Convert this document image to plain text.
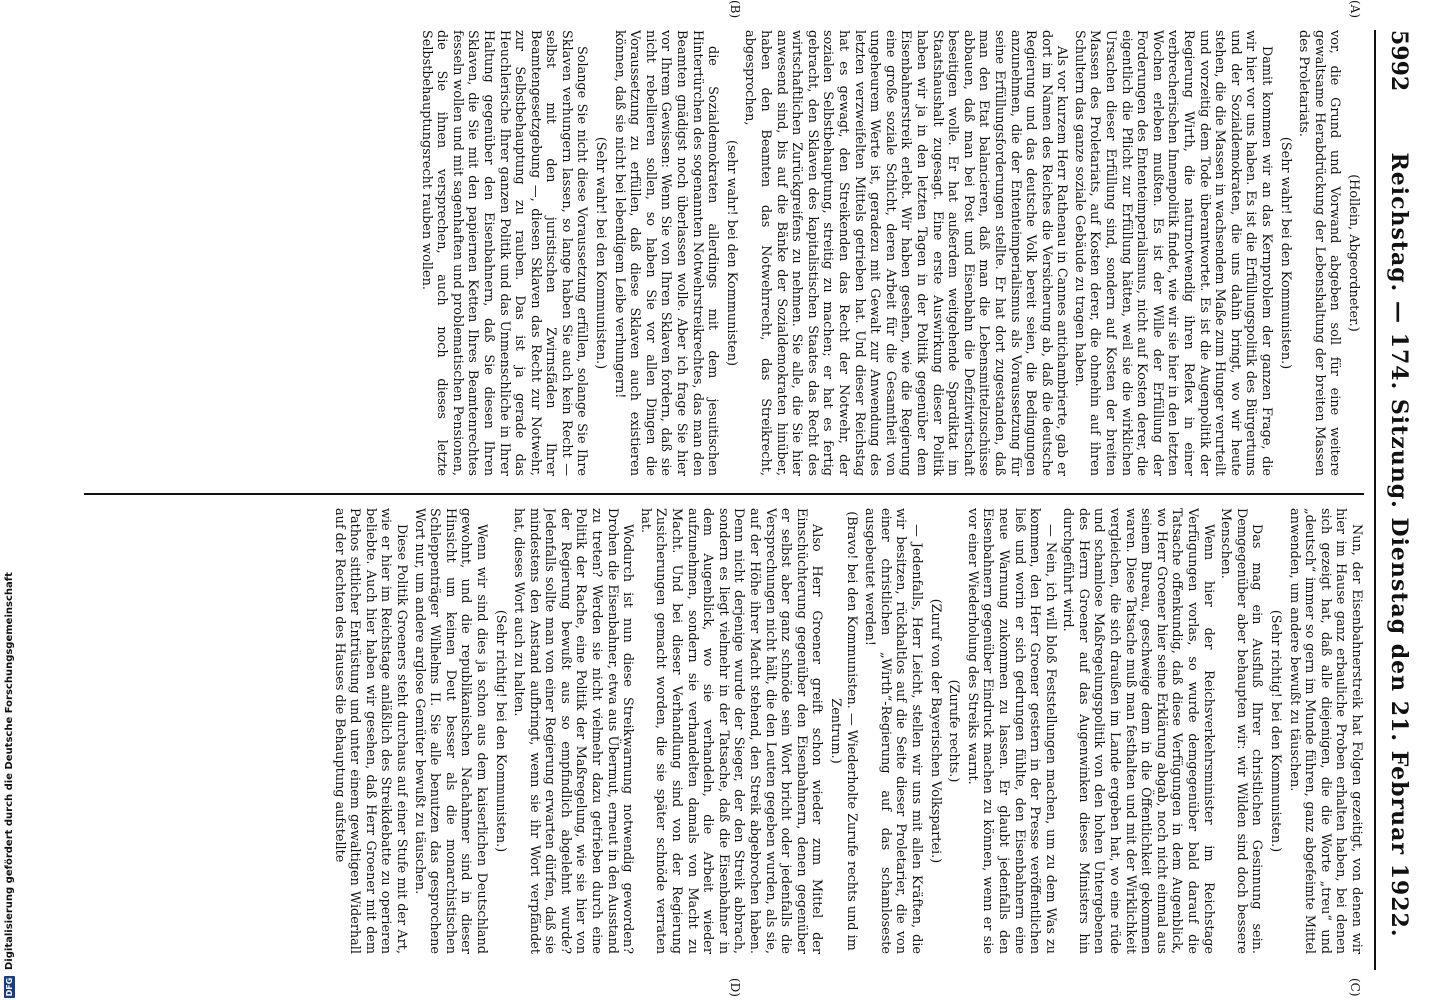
5992
Reichstag. — 174. Sitzung. Dienstag den 21. Februar 1922.
(A)
(B)
(C)
(D)

(Hollein, Abgeordneter.)

vor, die Grund und Vorwand abgeben soll für eine weitere gewaltsame Herabdrückung der Lebenshaltung der breiten Massen des Proletariats.

(Sehr wahr! bei den Kommunisten.)

Damit kommen wir an das Kernproblem der ganzen Frage, die wir hier vor uns haben. Es ist die Erfüllungspolitik des Bürgertums und der Sozialdemokraten, die uns dahin bringt, wo wir heute stehen, die die Massen in wachsendem Maße zum Hunger verurteilt und vorzeitig dem Tode überantwortet. Es ist die Augenpolitik der Regierung Wirth, die naturnotwendig ihren Reflex in einer verbrecherischen Innenpolitik findet, wie wir sie hier in den letzten Wochen erleben mußten. Es ist der Wille der Erfüllung der Forderungen des Ententeimperialismus, nicht auf Kosten derer, die eigentlich die Pflicht zur Erfüllung hätten, weil sie die wirklichen Ursachen dieser Erfüllung sind, sondern auf Kosten der breiten Massen des Proletariats, auf Kosten derer, die ohnehin auf ihren Schultern das ganze soziale Gebäude zu tragen haben.

Als vor kurzem Herr Rathenau in Cannes antichambrierte, gab er dort im Namen des Reiches die Versicherung ab, daß die deutsche Regierung und das deutsche Volk bereit seien, die Bedingungen anzunehmen, die der Ententeimperialismus als Voraussetzung für seine Erfüllungsforderungen stellte. Er hat dort zugestanden, daß man den Etat balancieren, daß man die Lebensmittelzuschüsse abbauen, daß man bei Post und Eisenbahn die Defizitwirtschaft beseitigen wolle. Er hat außerdem weitgehende Spardiktat im Staatshaushalt zugesagt. Eine erste Auswirkung dieser Politik haben wir ja in den letzten Tagen in der Politik gegenüber dem Eisenbahnerstreik erlebt. Wir haben gesehen, wie die Regierung eine große soziale Schicht, deren Arbeit für die Gesamtheit von ungeheurem Werte ist, geradezu mit Gewalt zur Anwendung des letzten verzweifelten Mittels getrieben hat. Und dieser Reichstag hat es gewagt, den Streikenden das Recht der Notwehr, der sozialen Selbstbehauptung, streitig zu machen; er hat es fertig gebracht, den Sklaven des kapitalistischen Staates das Recht des wirtschaftlichen Zurückgreifens zu nehmen. Sie alle, die Sie hier anwesend sind, bis auf die Bänke der Sozialdemokraten hinüber, haben den Beamten das Notwehrrecht, das Streikrecht, abgesprochen,

(sehr wahr! bei den Kommunisten)

die Sozialdemokraten allerdings mit dem jesuitischen Hintertürchen des sogenannten Notwehrstreikrechtes, das man den Beamten gnädigst noch überlassen wolle. Aber ich frage Sie hier vor Ihrem Gewissen: Wenn Sie von Ihren Sklaven fordern, daß sie nicht rebellieren sollen, so haben Sie vor allen Dingen die Voraussetzung zu erfüllen, daß diese Sklaven auch existieren können, daß sie nicht bei lebendigem Leibe verhungern!

(Sehr wahr! bei den Kommunisten.)

Solange Sie nicht diese Voraussetzung erfüllen, solange Sie Ihre Sklaven verhungern lassen, so lange haben Sie auch kein Recht — selbst mit den juristischen Zwirnsfäden Ihrer Beamtengesetzgebung —, diesen Sklaven das Recht zur Notwehr, zur Selbstbehauptung zu rauben. Das ist ja gerade das Heuchlerische Ihrer ganzen Politik und das Unmenschliche in Ihrer Haltung gegenüber den Eisenbahnern, daß Sie diesen Ihren Sklaven, die Sie mit den papiernen Ketten Ihres Beamtenrechtes fesseln wollen und mit sagenhaften und problematischen Pensionen, die Sie ihnen versprechen, auch noch dieses letzte Selbstbehauptungsrecht rauben wollen.

Nun, der Eisenbahnerstreik hat Folgen gezeitigt, von denen wir hier im Hause ganz erbauliche Proben erhalten haben, bei denen sich gezeigt hat, daß alle diejenigen, die die Worte „treu“ und „deutsch“ immer so gern im Munde führen, ganz abgefeimte Mittel anwenden, um andere bewußt zu täuschen.

(Sehr richtig! bei den Kommunisten.)

Das mag ein Ausfluß Ihrer christlichen Gesinnung sein. Demgegenüber aber behaupten wir: wir Wilden sind doch bessere Menschen.

Wenn hier der Reichsverkehrsminister im Reichstage Verfügungen vorlas, so wurde demgegenüber bald darauf die Tatsache offenkundig, daß diese Verfügungen in dem Augenblick, wo Herr Groener hier seine Erklärung abgab, noch nicht einmal aus seinem Bureau, geschweige denn in die Öffentlichkeit gekommen waren. Diese Tatsache muß man festhalten und mit der Wirklichkeit vergleichen, die sich draußen im Lande ergeben hat, wo eine rüde und schamlose Maßregelungspolitik von den hohen Untergebenen des Herrn Groener auf das Augenwinken dieses Ministers hin durchgeführt wird.

— Nein, ich will bloß Feststellungen machen, um zu dem Was zu kommen, den Herr Groener gestern in der Presse veröffentlichen ließ und worin er sich gedrungen fühlte, den Eisenbahnern eine neue Warnung zukommen zu lassen. Er glaubt jedenfalls den Eisenbahnern gegenüber Eindruck machen zu können, wenn er sie vor einer Wiederholung des Streiks warnt.

(Zurufe rechts.)

(Zuruf von der Bayerischen Volkspartei.)

— Jedenfalls, Herr Leicht, stellen wir uns mit allen Kräften, die wir besitzen, rückhaltlos auf die Seite dieser Proletarier, die von einer christlichen „Wirth“-Regierung auf das schamloseste ausgebeutet werden!

(Bravo! bei den Kommunisten. — Wiederholte Zurufe rechts und im Zentrum.)

Also Herr Groener greift schon wieder zum Mittel der Einschüchterung gegenüber den Eisenbahnern, denen gegenüber er selbst aber ganz schnöde sein Wort bricht oder jedenfalls die Versprechungen nicht hält, die den Leuten gegeben wurden, als sie, auf der Höhe ihrer Macht stehend, den Streik abgebrochen haben. Denn nicht derjenige wurde der Sieger, der den Streik abbrach, sondern es liegt vielmehr in der Tatsache, daß die Eisenbahner in dem Augenblick, wo sie verhandeln, die Arbeit wieder aufzunehmen, sondern sie verhandelten damals von Macht zu Macht. Und bei dieser Verhandlung sind von der Regierung Zusicherungen gemacht worden, die sie später schnöde verraten hat.

Wodurch ist nun diese Streikwarnung notwendig geworden? Drohen die Eisenbahner, etwa aus Übermut, erneut in den Ausstand zu treten? Werden sie nicht vielmehr dazu getrieben durch eine Politik der Rache, eine Politik der Maßregelung, wie sie hier von der Regierung bewußt aus so empfindlich abgelehnt wurde? Jedenfalls sollte man von einer Regierung erwarten dürfen, daß sie mindestens den Anstand aufbringt, wenn sie ihr Wort verpfändet hat, dieses Wort auch zu halten.

(Sehr richtig! bei den Kommunisten.)

Wenn wir sind dies ja schon aus dem kaiserlichen Deutschland gewohnt, und die republikanischen Nachahmer sind in dieser Hinsicht um keinen Deut besser als die monarchistischen Schleppenträger Wilhelms II. Sie alle benutzen das gesprochene Wort nur, um andere arglose Gemüter bewußt zu täuschen.

Diese Politik Groeners steht durchaus auf einer Stufe mit der Art, wie er hier im Reichstage anläßlich des Streikdebatte zu operieren beliebte. Auch hier haben wir gesehen, daß Herr Groener mit dem Pathos sittlicher Entrüstung und unter einem gewaltigen Widerhall auf der Rechten des Hauses die Behauptung aufstellte

DFG
Digitalisierung gefördert durch die Deutsche Forschungsgemeinschaft
